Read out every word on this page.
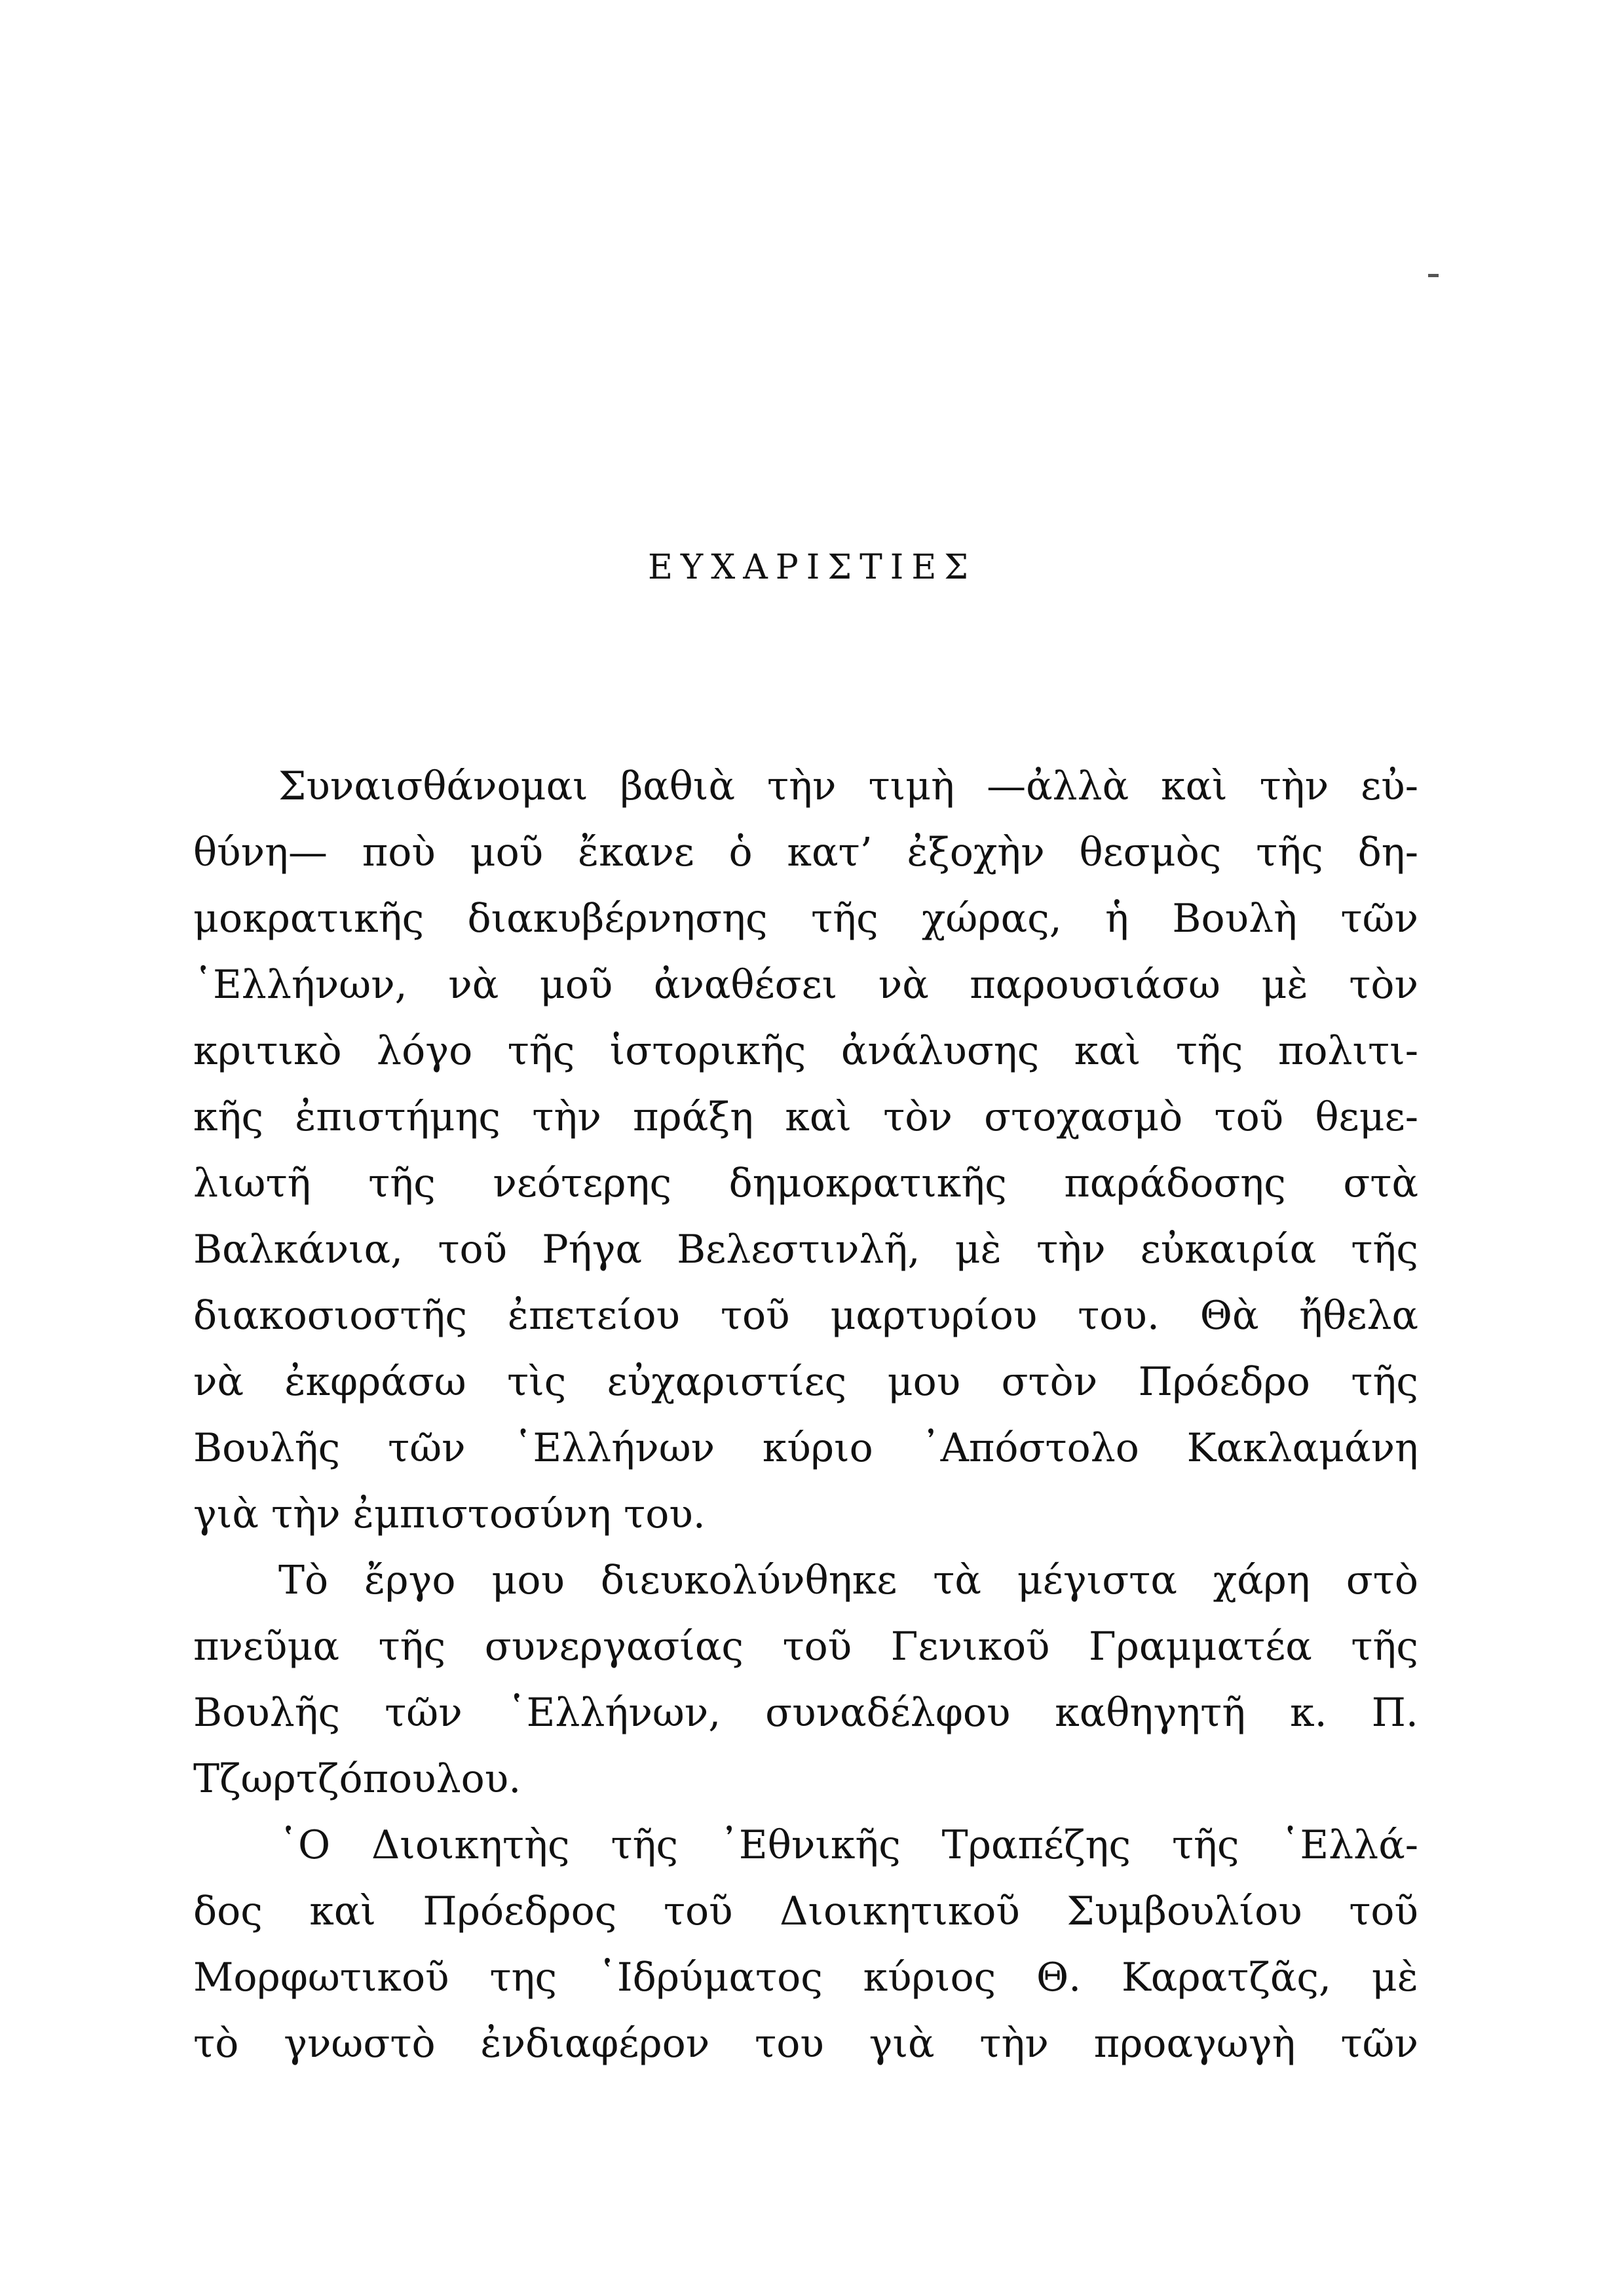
ΕΥΧΑΡΙΣΤΙΕΣ
Συναισθάνομαι βαθιὰ τὴν τιμὴ —ἀλλὰ καὶ τὴν εὐ-
θύνη— ποὺ μοῦ ἔκανε ὁ κατ’ ἐξοχὴν θεσμὸς τῆς δη-
μοκρατικῆς διακυβέρνησης τῆς χώρας, ἡ Βουλὴ τῶν
῾Ελλήνων, νὰ μοῦ ἀναθέσει νὰ παρουσιάσω μὲ τὸν
κριτικὸ λόγο τῆς ἱστορικῆς ἀνάλυσης καὶ τῆς πολιτι-
κῆς ἐπιστήμης τὴν πράξη καὶ τὸν στοχασμὸ τοῦ θεμε-
λιωτῆ τῆς νεότερης δημοκρατικῆς παράδοσης στὰ
Βαλκάνια, τοῦ Ρήγα Βελεστινλῆ, μὲ τὴν εὐκαιρία τῆς
διακοσιοστῆς ἐπετείου τοῦ μαρτυρίου του. Θὰ ἤθελα
νὰ ἐκφράσω τὶς εὐχαριστίες μου στὸν Πρόεδρο τῆς
Βουλῆς τῶν ῾Ελλήνων κύριο ᾽Απόστολο Κακλαμάνη
γιὰ τὴν ἐμπιστοσύνη του.
Τὸ ἔργο μου διευκολύνθηκε τὰ μέγιστα χάρη στὸ
πνεῦμα τῆς συνεργασίας τοῦ Γενικοῦ Γραμματέα τῆς
Βουλῆς τῶν ῾Ελλήνων, συναδέλφου καθηγητῆ κ. Π.
Τζωρτζόπουλου.
῾Ο Διοικητὴς τῆς ᾽Εθνικῆς Τραπέζης τῆς ῾Ελλά-
δος καὶ Πρόεδρος τοῦ Διοικητικοῦ Συμβουλίου τοῦ
Μορφωτικοῦ της ῾Ιδρύματος κύριος Θ. Καρατζᾶς, μὲ
τὸ γνωστὸ ἐνδιαφέρον του γιὰ τὴν προαγωγὴ τῶν
